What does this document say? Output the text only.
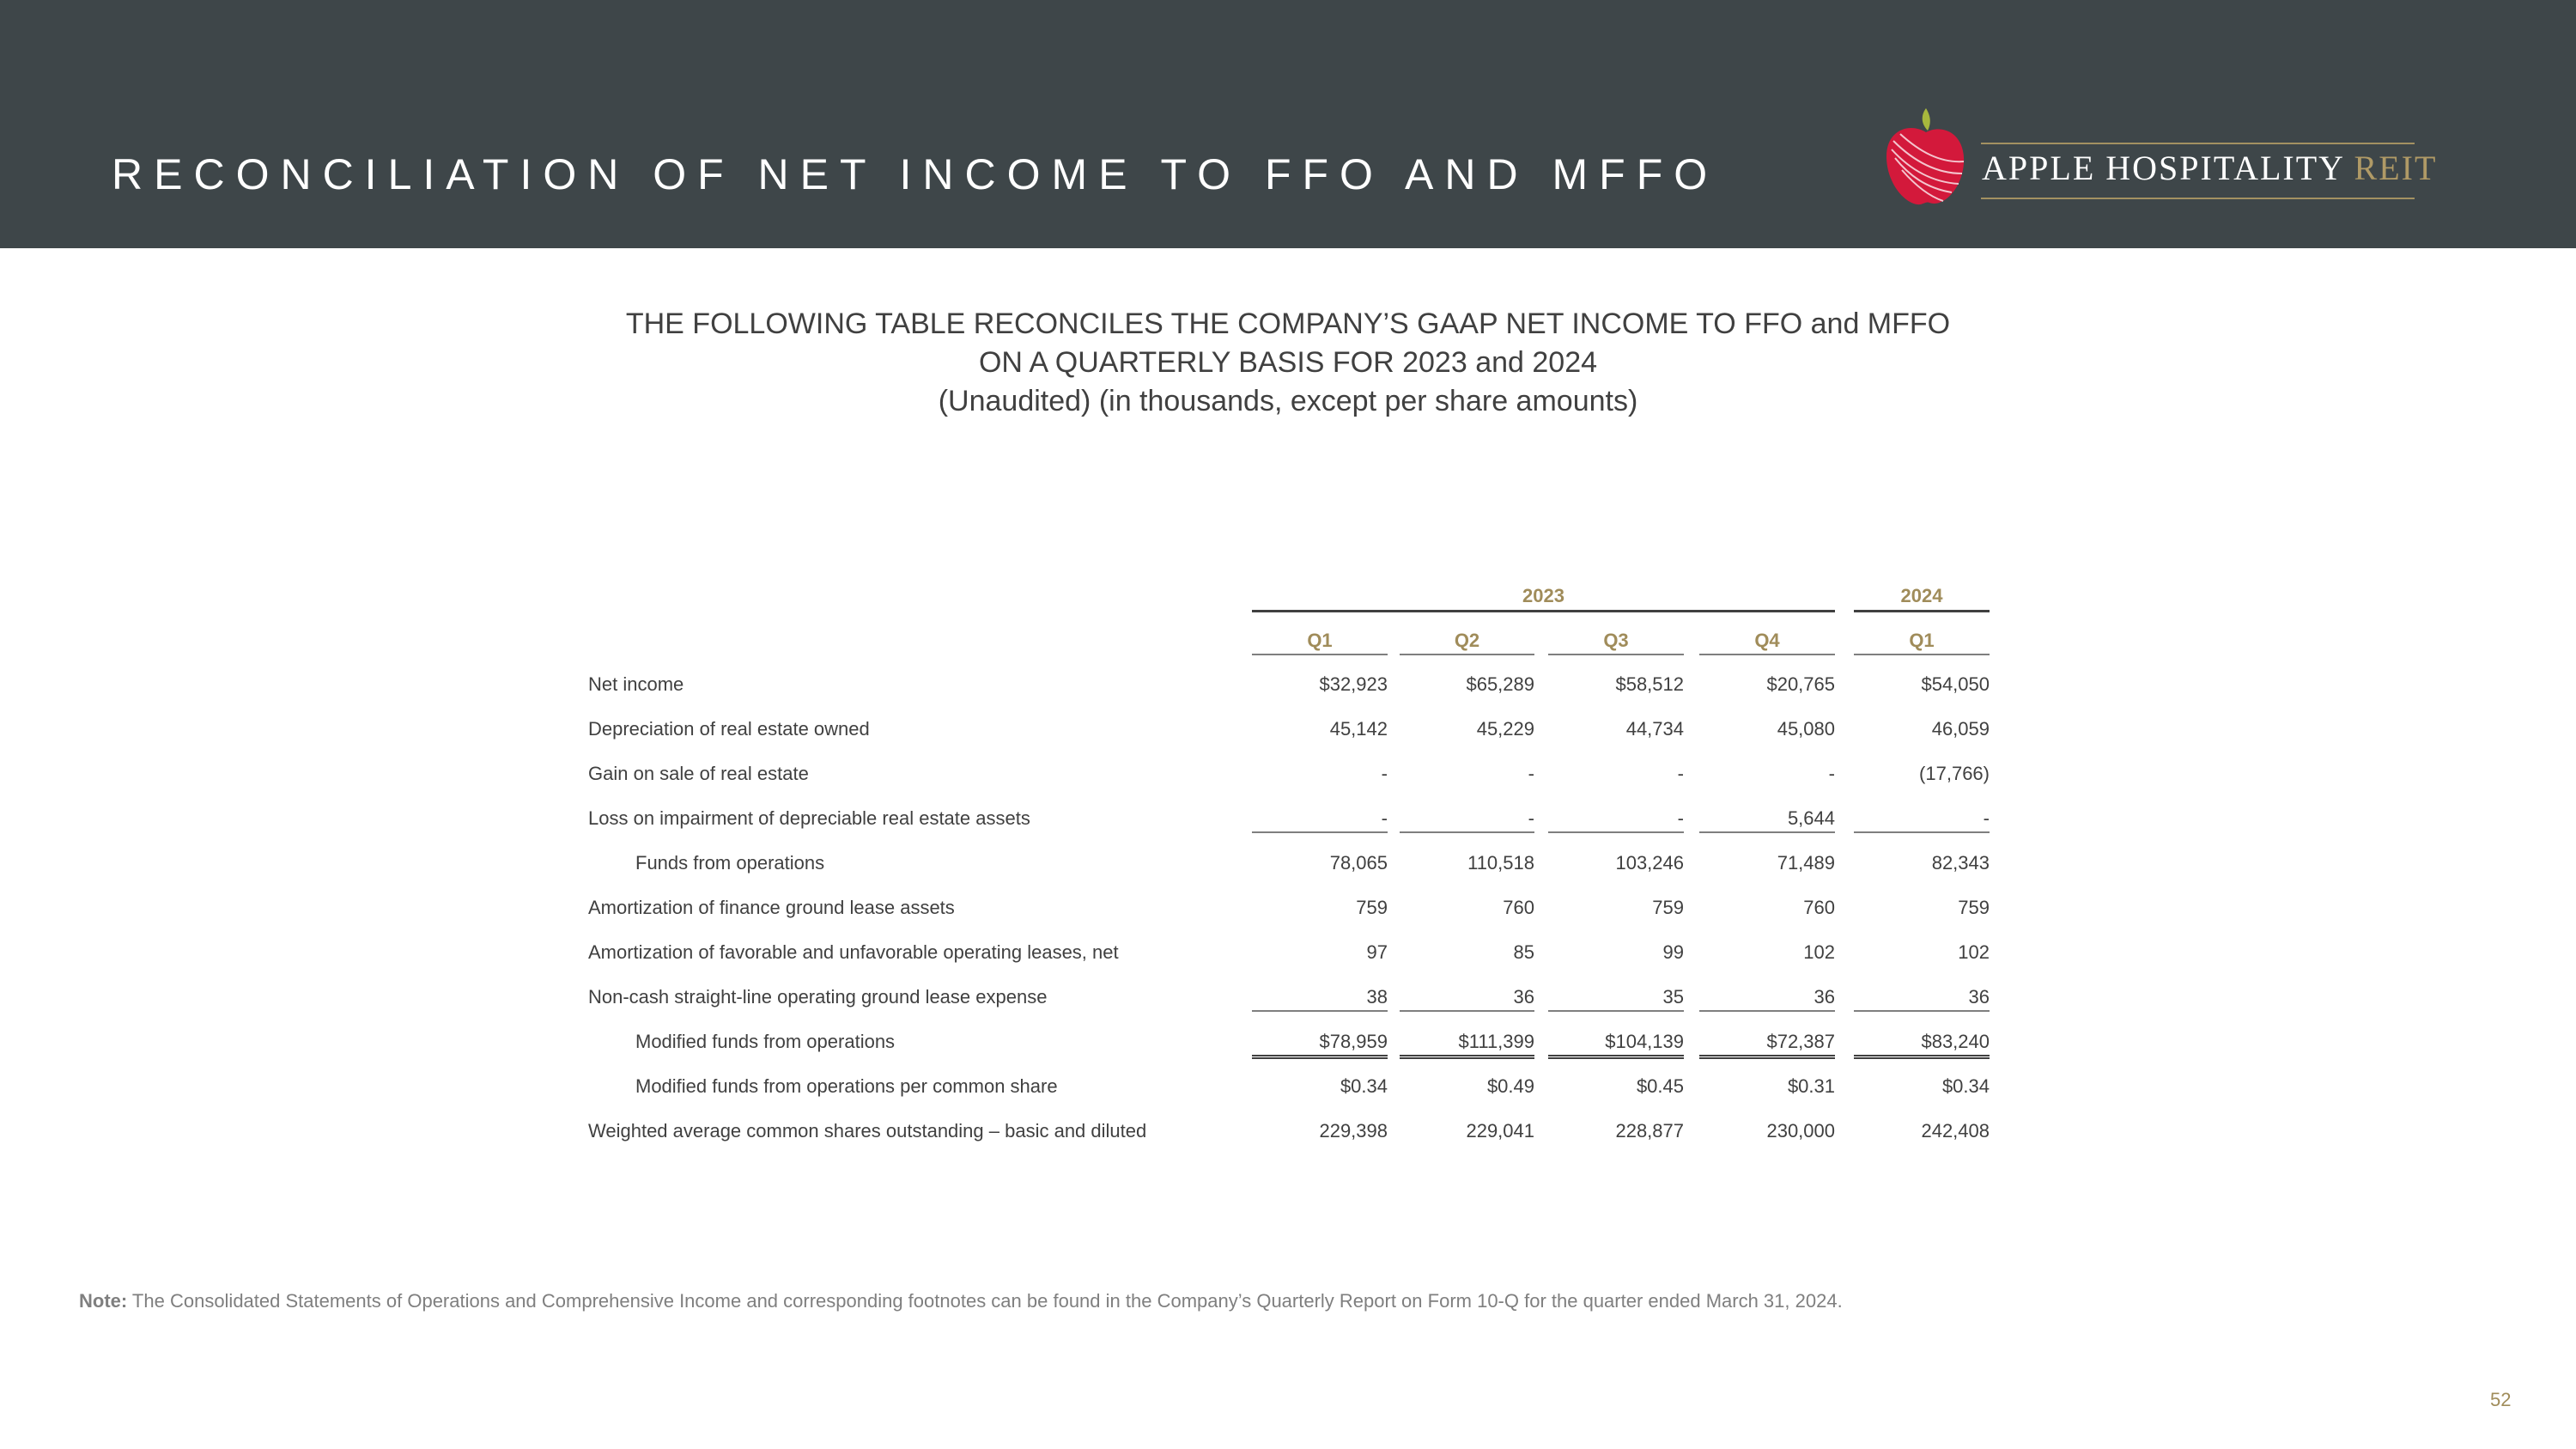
RECONCILIATION OF NET INCOME TO FFO AND MFFO	APPLE HOSPITALITY REIT
THE FOLLOWING TABLE RECONCILES THE COMPANY’S GAAP NET INCOME TO FFO and MFFO
ON A QUARTERLY BASIS FOR 2023 and 2024
(Unaudited) (in thousands, except per share amounts)
2023	2024
Q1	Q2	Q3	Q4	Q1
Net income	$32,923	$65,289	$58,512	$20,765	$54,050
Depreciation of real estate owned	45,142	45,229	44,734	45,080	46,059
Gain on sale of real estate	-	-	-	-	(17,766)
Loss on impairment of depreciable real estate assets	-	-	-	5,644	-
Funds from operations	78,065	110,518	103,246	71,489	82,343
Amortization of finance ground lease assets	759	760	759	760	759
Amortization of favorable and unfavorable operating leases, net	97	85	99	102	102
Non-cash straight-line operating ground lease expense	38	36	35	36	36
Modified funds from operations	$78,959	$111,399	$104,139	$72,387	$83,240
Modified funds from operations per common share	$0.34	$0.49	$0.45	$0.31	$0.34
Weighted average common shares outstanding – basic and diluted	229,398	229,041	228,877	230,000	242,408
Note: The Consolidated Statements of Operations and Comprehensive Income and corresponding footnotes can be found in the Company’s Quarterly Report on Form 10-Q for the quarter ended March 31, 2024.
52
